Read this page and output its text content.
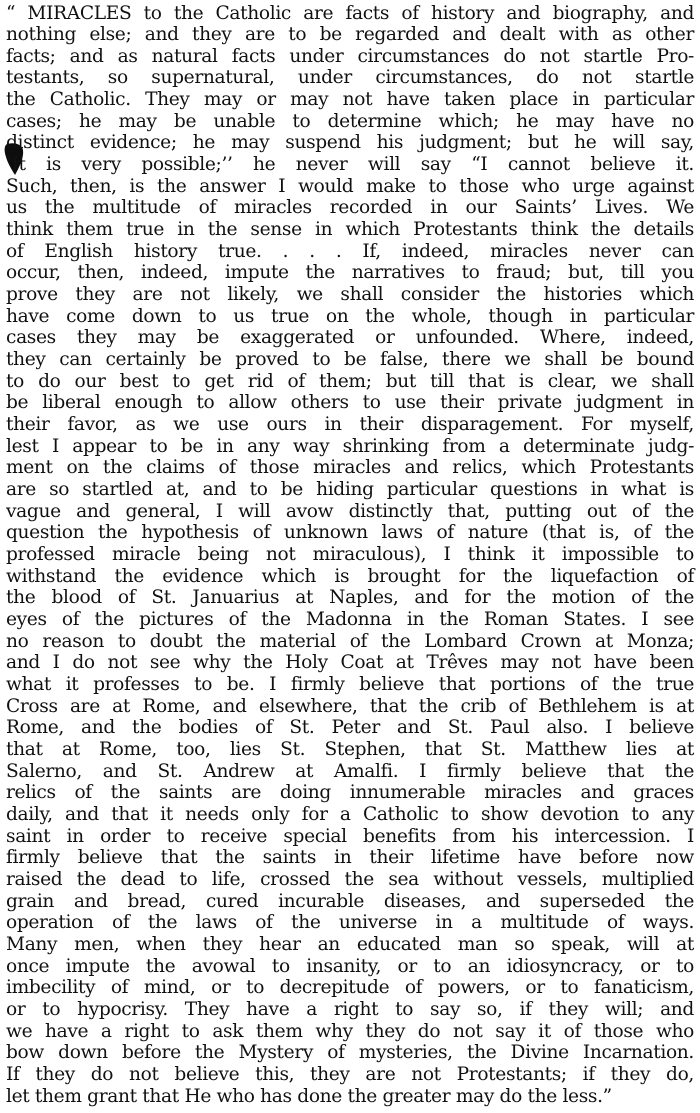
“ MIRACLES to the Catholic are facts of history and biography, and
nothing else; and they are to be regarded and dealt with as other
facts; and as natural facts under circumstances do not startle Pro-
testants, so supernatural, under circumstances, do not startle
the Catholic. They may or may not have taken place in particular
cases; he may be unable to determine which; he may have no
distinct evidence; he may suspend his judgment; but he will say,
‘It is very possible;’’ he never will say “I cannot believe it.
Such, then, is the answer I would make to those who urge against
us the multitude of miracles recorded in our Saints’ Lives. We
think them true in the sense in which Protestants think the details
of English history true. . . . If, indeed, miracles never can
occur, then, indeed, impute the narratives to fraud; but, till you
prove they are not likely, we shall consider the histories which
have come down to us true on the whole, though in particular
cases they may be exaggerated or unfounded. Where, indeed,
they can certainly be proved to be false, there we shall be bound
to do our best to get rid of them; but till that is clear, we shall
be liberal enough to allow others to use their private judgment in
their favor, as we use ours in their disparagement. For myself,
lest I appear to be in any way shrinking from a determinate judg-
ment on the claims of those miracles and relics, which Protestants
are so startled at, and to be hiding particular questions in what is
vague and general, I will avow distinctly that, putting out of the
question the hypothesis of unknown laws of nature (that is, of the
professed miracle being not miraculous), I think it impossible to
withstand the evidence which is brought for the liquefaction of
the blood of St. Januarius at Naples, and for the motion of the
eyes of the pictures of the Madonna in the Roman States. I see
no reason to doubt the material of the Lombard Crown at Monza;
and I do not see why the Holy Coat at Trêves may not have been
what it professes to be. I firmly believe that portions of the true
Cross are at Rome, and elsewhere, that the crib of Bethlehem is at
Rome, and the bodies of St. Peter and St. Paul also. I believe
that at Rome, too, lies St. Stephen, that St. Matthew lies at
Salerno, and St. Andrew at Amalfi. I firmly believe that the
relics of the saints are doing innumerable miracles and graces
daily, and that it needs only for a Catholic to show devotion to any
saint in order to receive special benefits from his intercession. I
firmly believe that the saints in their lifetime have before now
raised the dead to life, crossed the sea without vessels, multiplied
grain and bread, cured incurable diseases, and superseded the
operation of the laws of the universe in a multitude of ways.
Many men, when they hear an educated man so speak, will at
once impute the avowal to insanity, or to an idiosyncracy, or to
imbecility of mind, or to decrepitude of powers, or to fanaticism,
or to hypocrisy. They have a right to say so, if they will; and
we have a right to ask them why they do not say it of those who
bow down before the Mystery of mysteries, the Divine Incarnation.
If they do not believe this, they are not Protestants; if they do,
let them grant that He who has done the greater may do the less.”
